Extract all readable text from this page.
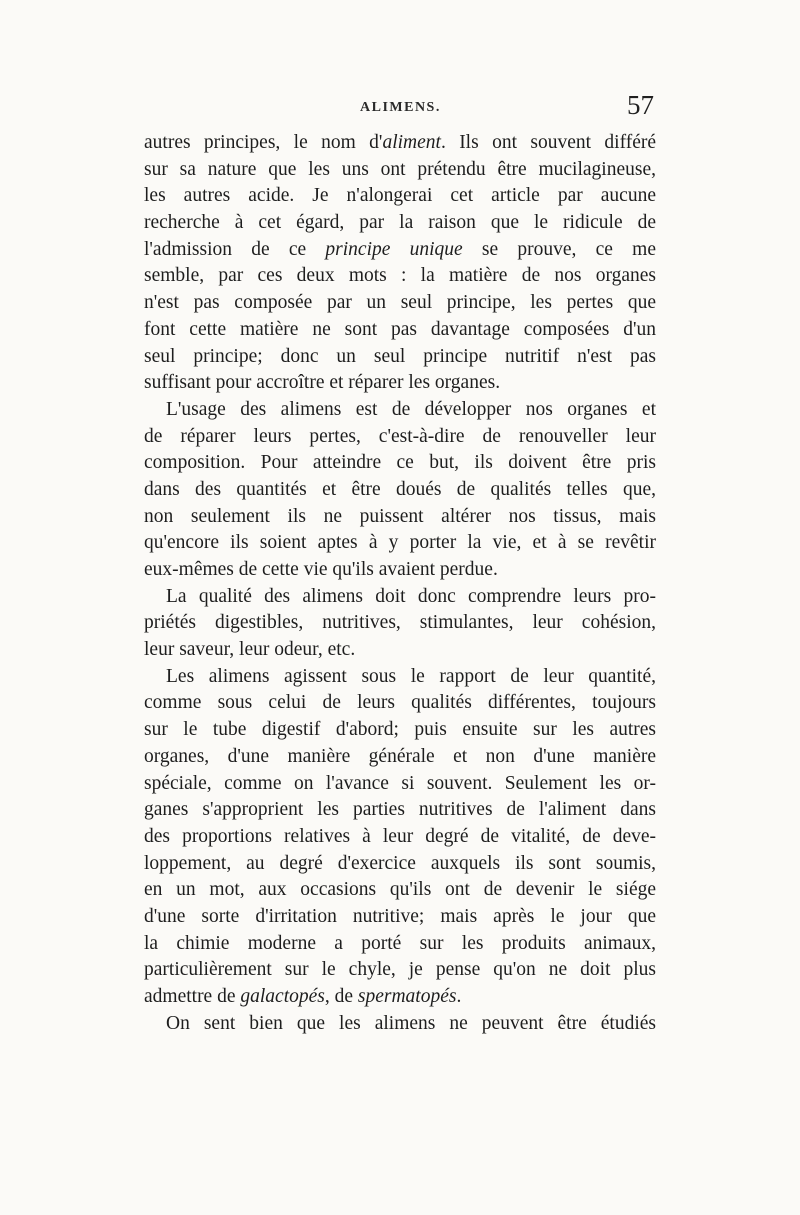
ALIMENS.	57
autres principes, le nom d'aliment. Ils ont souvent différé
sur sa nature que les uns ont prétendu être mucilagineuse,
les autres acide. Je n'alongerai cet article par aucune
recherche à cet égard, par la raison que le ridicule de
l'admission de ce principe unique se prouve, ce me
semble, par ces deux mots : la matière de nos organes
n'est pas composée par un seul principe, les pertes que
font cette matière ne sont pas davantage composées d'un
seul principe; donc un seul principe nutritif n'est pas
suffisant pour accroître et réparer les organes.
L'usage des alimens est de développer nos organes et
de réparer leurs pertes, c'est-à-dire de renouveller leur
composition. Pour atteindre ce but, ils doivent être pris
dans des quantités et être doués de qualités telles que,
non seulement ils ne puissent altérer nos tissus, mais
qu'encore ils soient aptes à y porter la vie, et à se revêtir
eux-mêmes de cette vie qu'ils avaient perdue.
La qualité des alimens doit donc comprendre leurs pro-
priétés digestibles, nutritives, stimulantes, leur cohésion,
leur saveur, leur odeur, etc.
Les alimens agissent sous le rapport de leur quantité,
comme sous celui de leurs qualités différentes, toujours
sur le tube digestif d'abord; puis ensuite sur les autres
organes, d'une manière générale et non d'une manière
spéciale, comme on l'avance si souvent. Seulement les or-
ganes s'approprient les parties nutritives de l'aliment dans
des proportions relatives à leur degré de vitalité, de deve-
loppement, au degré d'exercice auxquels ils sont soumis,
en un mot, aux occasions qu'ils ont de devenir le siége
d'une sorte d'irritation nutritive; mais après le jour que
la chimie moderne a porté sur les produits animaux,
particulièrement sur le chyle, je pense qu'on ne doit plus
admettre de galactopés, de spermatopés.
On sent bien que les alimens ne peuvent être étudiés
